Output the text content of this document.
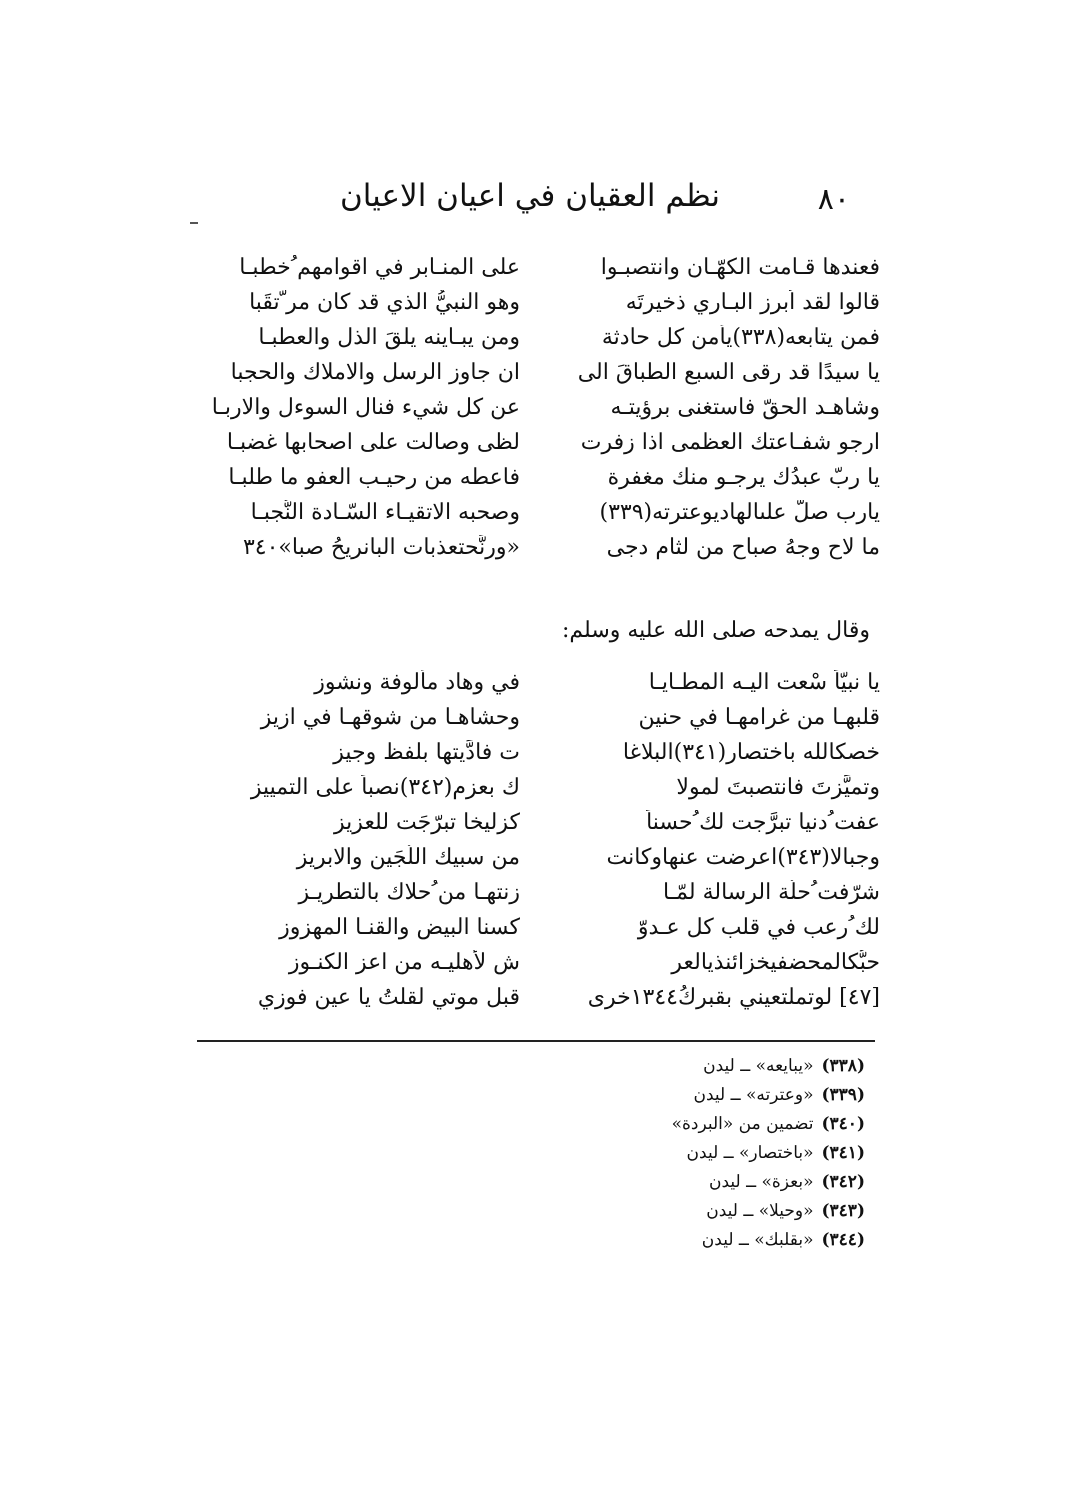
٨٠
نظم العقيان في اعيان الاعيان
فعندها قـامت الكهّـان وانتصبـوا
على المنـابر في اقوامهم ُخطبـا
قالوا لقد اُبرز البـاري ذخيرتَه
وهو النبيُّ الذي قد كان مر ّتقَبا
فمن يتابعه(٣٣٨)يأْمن كل حادثة
ومن يبـاينه يلقَ الذل والعطبـا
يا سيدًا قد رقى السبع الطباقَ الى
ان جاوز الرسل والاملاك والحجبا
وشاهـد الحقّ فاستغنى برؤيتـه
عن كل شيء فنال السوءل والاربـا
ارجو شفـاعتك العظمى اذا زفرت
لظى وصالت على اصحابها غضبـا
يا ربّ عبدُك يرجـو منك مغفرة
فاعطه من رحيـب العفو ما طلبـا
يارب صلّ علىالهاديوعترته(٣٣٩)
وصحبه الاتقيـاء السّـادة النُّجبـا
ما لاح وجهُ صباح من لثام دجى
«ورنَّحتعذبات البانريحُ صبا»٣٤٠
وقال يمدحه صلى الله عليه وسلم:
يا نبيّاً سْعت اليـه المطـايـا
في وهاد مأْلوفة ونشوز
قلبهـا من غرامهـا في حنين
وحشاهـا من شوقهـا في ازيز
خصكالله باختصار(٣٤١)البلاغا
ت فادَّيتها بلفظ وجيز
وتميَّزتَ فانتصبتَ لمولا
ك بعزم(٣٤٢)نصباً على التمييز
عفت ُدنيا تبرَّجت لك ُحسناً
كزليخا تبرّجَت للعزيز
وجبالا(٣٤٣)اعرضت عنهاوكانت
من سبيك اللّجَين والابريز
ُشرّفت ُحلَّة الرسالة لمّـا
زنتهـا من ُحلاك بالتطريـز
لك ُرعب في قلب كل عـدوّ
كسنا البيض والقنـا المهزوز
ُحبُّكالمحضفيخزائنذيالعر
ش لأَهليـه من اعز الكنـوز
[٤٧] لوتملتعيني بقبرك١٣٤٤ُخرى
قبل موتي لقلتُ يا عين فوزي
(٣٣٨)«يبايعه» ــ ليدن
(٣٣٩)«وعترته» ــ ليدن
(٣٤٠)تضمين من «البردة»
(٣٤١)«باختصار» ــ ليدن
(٣٤٢)«بعزة» ــ ليدن
(٣٤٣)«وحيلا» ــ ليدن
(٣٤٤)«بقلبك» ــ ليدن
